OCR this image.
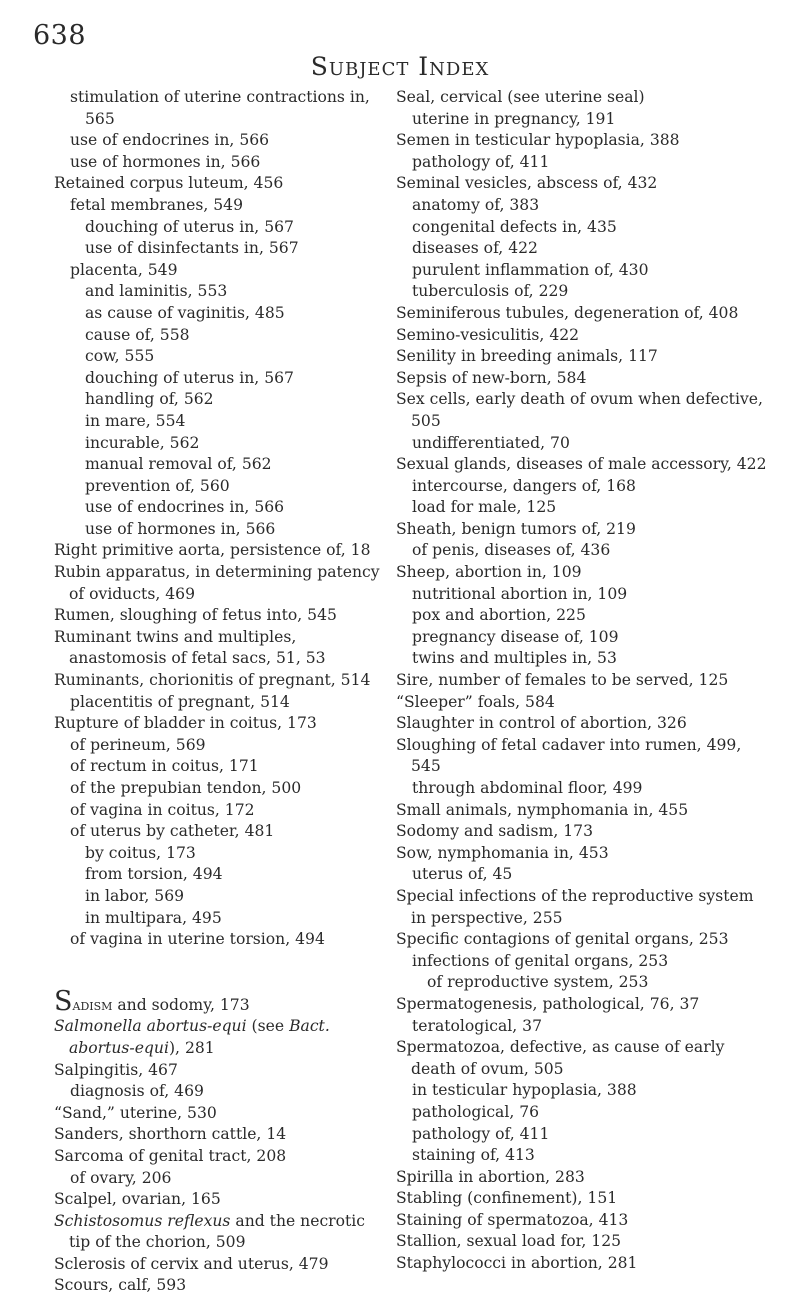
638
Subject Index
stimulation of uterine contractions in, 565
use of endocrines in, 566
use of hormones in, 566
Retained corpus luteum, 456
fetal membranes, 549
douching of uterus in, 567
use of disinfectants in, 567
placenta, 549
and laminitis, 553
as cause of vaginitis, 485
cause of, 558
cow, 555
douching of uterus in, 567
handling of, 562
in mare, 554
incurable, 562
manual removal of, 562
prevention of, 560
use of endocrines in, 566
use of hormones in, 566
Right primitive aorta, persistence of, 18
Rubin apparatus, in determining patency of oviducts, 469
Rumen, sloughing of fetus into, 545
Ruminant twins and multiples, anastomosis of fetal sacs, 51, 53
Ruminants, chorionitis of pregnant, 514
placentitis of pregnant, 514
Rupture of bladder in coitus, 173
of perineum, 569
of rectum in coitus, 171
of the prepubian tendon, 500
of vagina in coitus, 172
of uterus by catheter, 481
by coitus, 173
from torsion, 494
in labor, 569
in multipara, 495
of vagina in uterine torsion, 494
Sadism and sodomy, 173
Salmonella abortus-equi (see Bact. abortus-equi), 281
Salpingitis, 467
diagnosis of, 469
“Sand,” uterine, 530
Sanders, shorthorn cattle, 14
Sarcoma of genital tract, 208
of ovary, 206
Scalpel, ovarian, 165
Schistosomus reflexus and the necrotic tip of the chorion, 509
Sclerosis of cervix and uterus, 479
Scours, calf, 593
Seal, cervical (see uterine seal)
uterine in pregnancy, 191
Semen in testicular hypoplasia, 388
pathology of, 411
Seminal vesicles, abscess of, 432
anatomy of, 383
congenital defects in, 435
diseases of, 422
purulent inflammation of, 430
tuberculosis of, 229
Seminiferous tubules, degeneration of, 408
Semino-vesiculitis, 422
Senility in breeding animals, 117
Sepsis of new-born, 584
Sex cells, early death of ovum when defective, 505
undifferentiated, 70
Sexual glands, diseases of male accessory, 422
intercourse, dangers of, 168
load for male, 125
Sheath, benign tumors of, 219
of penis, diseases of, 436
Sheep, abortion in, 109
nutritional abortion in, 109
pox and abortion, 225
pregnancy disease of, 109
twins and multiples in, 53
Sire, number of females to be served, 125
“Sleeper” foals, 584
Slaughter in control of abortion, 326
Sloughing of fetal cadaver into rumen, 499, 545
through abdominal floor, 499
Small animals, nymphomania in, 455
Sodomy and sadism, 173
Sow, nymphomania in, 453
uterus of, 45
Special infections of the reproductive system in perspective, 255
Specific contagions of genital organs, 253
infections of genital organs, 253
of reproductive system, 253
Spermatogenesis, pathological, 76, 37
teratological, 37
Spermatozoa, defective, as cause of early death of ovum, 505
in testicular hypoplasia, 388
pathological, 76
pathology of, 411
staining of, 413
Spirilla in abortion, 283
Stabling (confinement), 151
Staining of spermatozoa, 413
Stallion, sexual load for, 125
Staphylococci in abortion, 281
